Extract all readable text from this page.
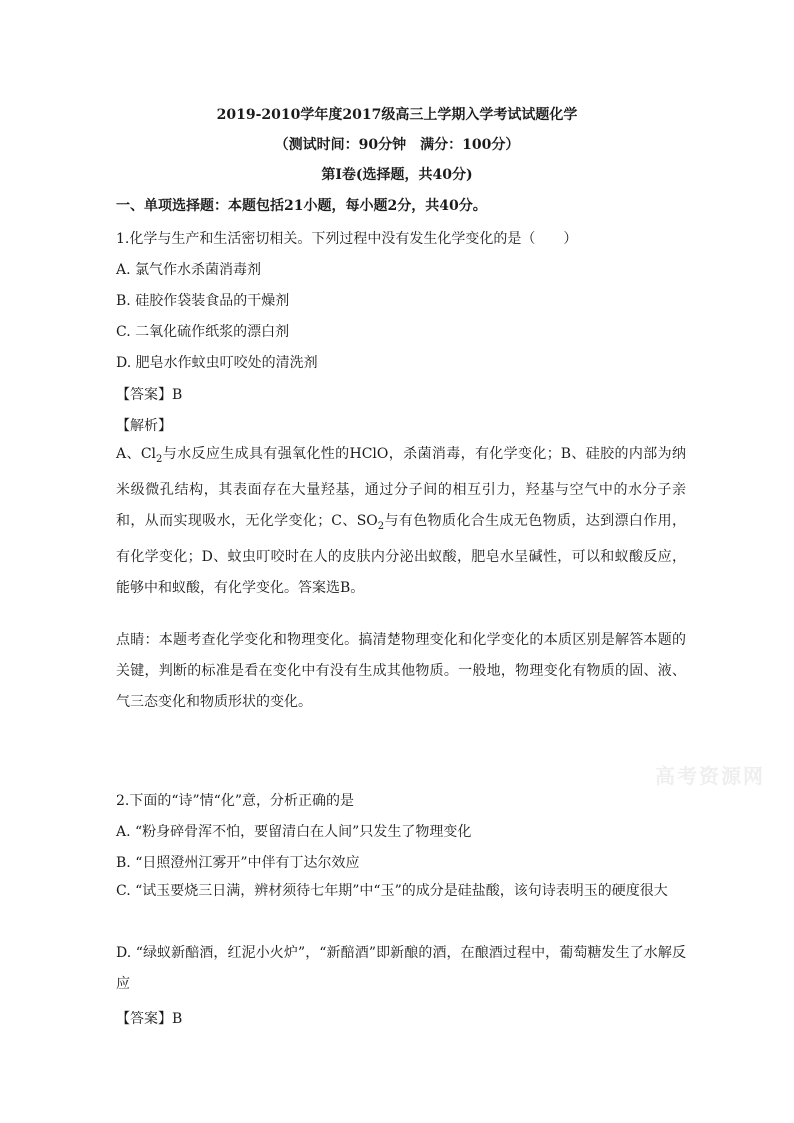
2019-2010学年度2017级高三上学期入学考试试题化学
（测试时间：90分钟　满分：100分）
第Ⅰ卷(选择题，共40分)
一、单项选择题：本题包括21小题，每小题2分，共40分。
1.化学与生产和生活密切相关。下列过程中没有发生化学变化的是（　　）
A. 氯气作水杀菌消毒剂
B. 硅胶作袋装食品的干燥剂
C. 二氧化硫作纸浆的漂白剂
D. 肥皂水作蚊虫叮咬处的清洗剂
【答案】B
【解析】
A、$Cl_2$与水反应生成具有强氧化性的HClO，杀菌消毒，有化学变化；B、硅胶的内部为纳米级微孔结构，其表面存在大量羟基，通过分子间的相互引力，羟基与空气中的水分子亲和，从而实现吸水，无化学变化；C、$SO_2$与有色物质化合生成无色物质，达到漂白作用，有化学变化；D、蚊虫叮咬时在人的皮肤内分泌出蚁酸，肥皂水呈碱性，可以和蚁酸反应，能够中和蚁酸，有化学变化。答案选B。
点睛：本题考查化学变化和物理变化。搞清楚物理变化和化学变化的本质区别是解答本题的关键，判断的标准是看在变化中有没有生成其他物质。一般地，物理变化有物质的固、液、气三态变化和物质形状的变化。
高考资源网
2.下面的“诗”情“化”意，分析正确的是
A. “粉身碎骨浑不怕，要留清白在人间”只发生了物理变化
B. “日照澄州江雾开”中伴有丁达尔效应
C. “试玉要烧三日满，辨材须待七年期”中“玉”的成分是硅盐酸，该句诗表明玉的硬度很大
D. “绿蚁新醅酒，红泥小火炉”，“新醅酒”即新酿的酒，在酿酒过程中，葡萄糖发生了水解反应
【答案】B
